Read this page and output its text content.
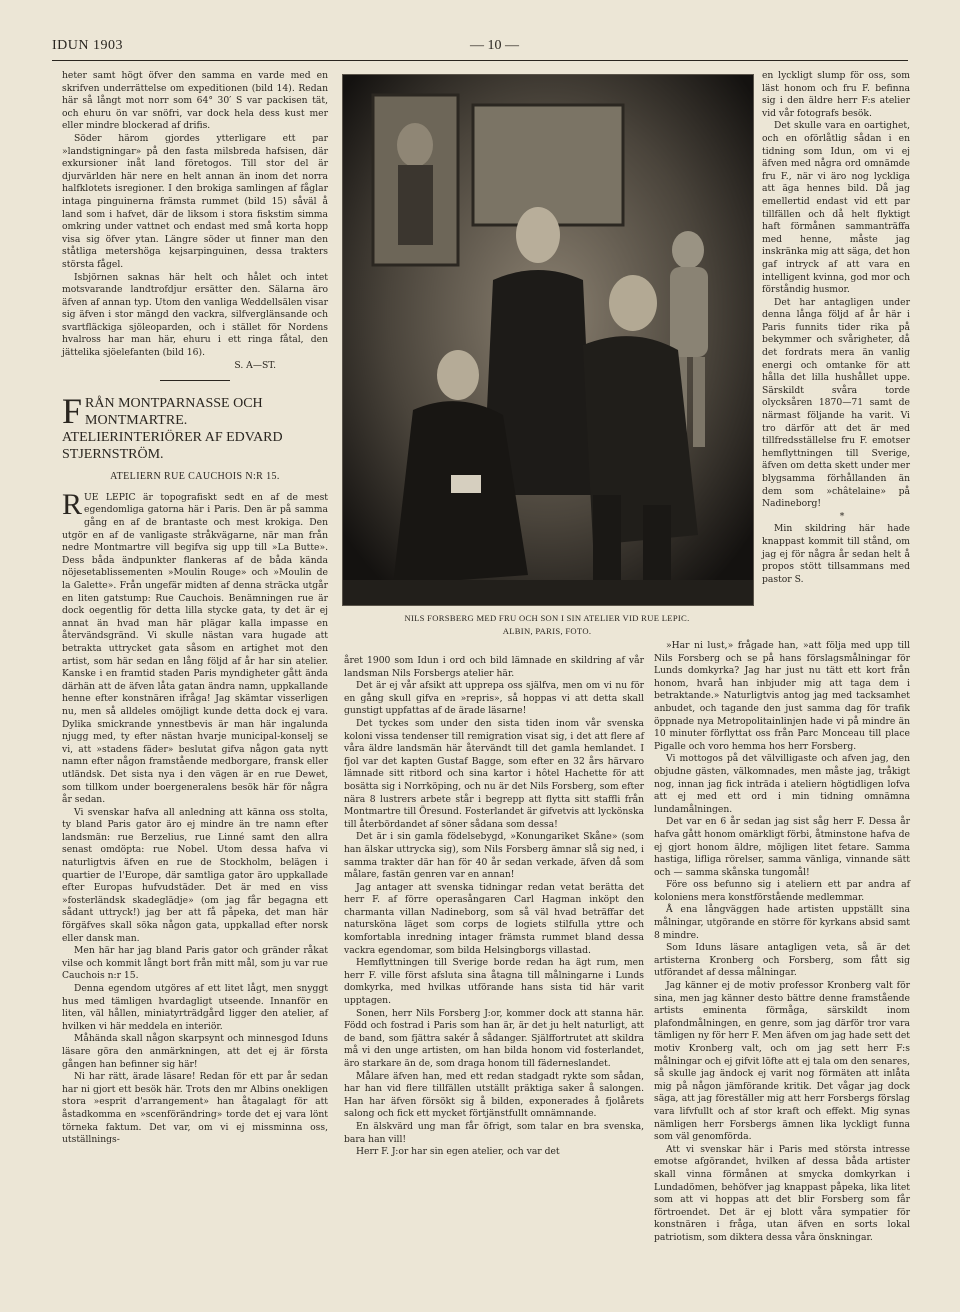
IDUN 1903	— 10 —

heter samt högt öfver den samma en varde med en skrifven underrättelse om expeditionen (bild 14). Redan här så långt mot norr som 64° 30′ S var packisen tät, och ehuru ön var snöfri, var dock hela dess kust mer eller mindre blockerad af drifis.

Söder härom gjordes ytterligare ett par »landstigningar» på den fasta milsbreda hafsisen, där exkursioner inåt land företogos. Till stor del är djurvärlden här nere en helt annan än inom det norra halfklotets isregioner. I den brokiga samlingen af fåglar intaga pinguinerna främsta rummet (bild 15) såväl å land som i hafvet, där de liksom i stora fiskstim simma omkring under vattnet och endast med små korta hopp visa sig öfver ytan. Längre söder ut finner man den ståtliga metershöga kejsarpinguinen, dessa trakters största fågel.

Isbjörnen saknas här helt och hålet och intet motsvarande landtrofdjur ersätter den. Sälarna äro äfven af annan typ. Utom den vanliga Weddellsälen visar sig äfven i stor mängd den vackra, silfverglänsande och svartfläckiga sjöleoparden, och i stället för Nordens hvalross har man här, ehuru i ett ringa fåtal, den jättelika sjöelefanten (bild 16).

S. A—ST.

FRÅN MONTPARNASSE OCH MONTMARTRE. ATELIERINTERIÖRER AF EDVARD STJERNSTRÖM.
ATELIERN RUE CAUCHOIS N:R 15.

RUE LEPIC är topografiskt sedt en af de mest egendomliga gatorna här i Paris. Den är på samma gång en af de brantaste och mest krokiga. Den utgör en af de vanligaste stråkvägarne, när man från nedre Montmartre vill begifva sig upp till »La Butte». Dess båda ändpunkter flankeras af de båda kända nöjesetablissementen »Moulin Rouge» och »Moulin de la Galette». Från ungefär midten af denna sträcka utgår en liten gatstump: Rue Cauchois. Benämningen rue är dock oegentlig för detta lilla stycke gata, ty det är ej annat än hvad man här plägar kalla impasse en återvändsgränd. Vi skulle nästan vara hugade att betrakta uttrycket gata såsom en artighet mot den artist, som här sedan en lång följd af år har sin atelier. Kanske i en framtid staden Paris myndigheter gått ända därhän att de äfven låta gatan ändra namn, uppkallande henne efter konstnären ifråga! Jag skämtar visserligen nu, men så alldeles omöjligt kunde detta dock ej vara. Dylika smickrande ynnestbevis är man här ingalunda njugg med, ty efter nästan hvarje municipal-konselj se vi, att »stadens fäder» beslutat gifva någon gata nytt namn efter någon framstående medborgare, fransk eller utländsk. Det sista nya i den vägen är en rue Dewet, som tillkom under boergeneralens besök här för några år sedan.

Vi svenskar hafva all anledning att känna oss stolta, ty bland Paris gator äro ej mindre än tre namn efter landsmän: rue Berzelius, rue Linné samt den allra senast omdöpta: rue Nobel. Utom dessa hafva vi naturligtvis äfven en rue de Stockholm, belägen i quartier de l'Europe, där samtliga gator äro uppkallade efter Europas hufvudstäder. Det är med en viss »fosterländsk skadeglädje» (om jag får begagna ett sådant uttryck!) jag ber att få påpeka, det man här förgäfves skall söka någon gata, uppkallad efter norsk eller dansk man.

Men här har jag bland Paris gator och gränder råkat vilse och kommit långt bort från mitt mål, som ju var rue Cauchois n:r 15.

Denna egendom utgöres af ett litet lågt, men snyggt hus med tämligen hvardagligt utseende. Innanför en liten, väl hållen, miniatyrträdgård ligger den atelier, af hvilken vi här meddela en interiör.

Måhända skall någon skarpsynt och minnesgod Iduns läsare göra den anmärkningen, att det ej är första gången han befinner sig här!

Ni har rätt, ärade läsare! Redan för ett par år sedan har ni gjort ett besök här. Trots den mr Albins onekligen stora »esprit d'arrangement» han åtagalagt för att åstadkomma en »scenförändring» torde det ej vara lönt törneka faktum. Det var, om vi ej missminna oss, utställnings-

NILS FORSBERG MED FRU OCH SON I SIN ATELIER VID RUE LEPIC.
ALBIN, PARIS, FOTO.

året 1900 som Idun i ord och bild lämnade en skildring af vår landsman Nils Forsbergs atelier här.

Det är ej vår afsikt att upprepa oss själfva, men om vi nu för en gång skull gifva en »repris», så hoppas vi att detta skall gunstigt uppfattas af de ärade läsarne!

Det tyckes som under den sista tiden inom vår svenska koloni vissa tendenser till remigration visat sig, i det att flere af våra äldre landsmän här återvändt till det gamla hemlandet. I fjol var det kapten Gustaf Bagge, som efter en 32 års härvaro lämnade sitt ritbord och sina kartor i hôtel Hachette för att bosätta sig i Norrköping, och nu är det Nils Forsberg, som efter nära 8 lustrers arbete står i begrepp att flytta sitt staffli från Montmartre till Öresund. Fosterlandet är gifvetvis att lyckönska till återbördandet af söner sådana som dessa!

Det är i sin gamla födelsebygd, »Konungariket Skåne» (som han älskar uttrycka sig), som Nils Forsberg ämnar slå sig ned, i samma trakter där han för 40 år sedan verkade, äfven då som målare, fastän genren var en annan!

Jag antager att svenska tidningar redan vetat berätta det herr F. af förre operasångaren Carl Hagman inköpt den charmanta villan Nadineborg, som så väl hvad beträffar det natursköna läget som corps de logiets stilfulla yttre och komfortabla inredning intager främsta rummet bland dessa vackra egendomar, som bilda Helsingborgs villastad.

Hemflyttningen till Sverige borde redan ha ägt rum, men herr F. ville först afsluta sina åtagna till målningarne i Lunds domkyrka, med hvilkas utförande hans sista tid här varit upptagen.

Sonen, herr Nils Forsberg J:or, kommer dock att stanna här. Född och fostrad i Paris som han är, är det ju helt naturligt, att de band, som fjättra sakér å sådanger. Själffortrutet att skildra må vi den unge artisten, om han bilda honom vid fosterlandet, äro starkare än de, som draga honom till fäderneslandet.

Målare äfven han, med ett redan stadgadt rykte som sådan, har han vid flere tillfällen utställt präktiga saker å salongen. Han har äfven försökt sig å bilden, exponerades å fjolårets salong och fick ett mycket förtjänstfullt omnämnande.

En älskvärd ung man får öfrigt, som talar en bra svenska, bara han vill!

Herr F. J:or har sin egen atelier, och var det

en lyckligt slump för oss, som läst honom och fru F. befinna sig i den äldre herr F:s atelier vid vår fotografs besök.

Det skulle vara en oartighet, och en oförlåtlig sådan i en tidning som Idun, om vi ej äfven med några ord omnämde fru F., när vi äro nog lyckliga att äga hennes bild. Då jag emellertid endast vid ett par tillfällen och då helt flyktigt haft förmånen sammanträffa med henne, måste jag inskränka mig att säga, det hon gaf intryck af att vara en intelligent kvinna, god mor och förståndig husmor.

Det har antagligen under denna långa följd af år här i Paris funnits tider rika på bekymmer och svårigheter, då det fordrats mera än vanlig energi och omtanke för att hålla det lilla hushållet uppe. Särskildt svåra torde olycksåren 1870—71 samt de närmast följande ha varit. Vi tro därför att det är med tillfredsställelse fru F. emotser hemflyttningen till Sverige, äfven om detta skett under mer blygsamma förhållanden än dem som »châtelaine» på Nadineborg!

*

Min skildring här hade knappast kommit till stånd, om jag ej för några år sedan helt å propos stött tillsammans med pastor S.

»Har ni lust,» frågade han, »att följa med upp till Nils Forsberg och se på hans förslagsmålningar för Lunds domkyrka? Jag har just nu tätt ett kort från honom, hvarå han inbjuder mig att taga dem i betraktande.» Naturligtvis antog jag med tacksamhet anbudet, och tagande den just samma dag för trafik öppnade nya Metropolitainlinjen hade vi på mindre än 10 minuter förflyttat oss från Parc Monceau till place Pigalle och voro hemma hos herr Forsberg.

Vi mottogos på det välvilligaste och afven jag, den objudne gästen, välkomnades, men måste jag, tråkigt nog, innan jag fick inträda i ateliern högtidligen lofva att ej med ett ord i min tidning omnämna lundamålningen.

Det var en 6 år sedan jag sist såg herr F. Dessa år hafva gått honom omärkligt förbi, åtminstone hafva de ej gjort honom äldre, möjligen litet fetare. Samma hastiga, lifliga rörelser, samma vänliga, vinnande sätt och — samma skånska tungomål!

Före oss befunno sig i ateliern ett par andra af koloniens mera konstförstående medlemmar.

Å ena långväggen hade artisten uppställt sina målningar, utgörande en större för kyrkans absid samt 8 mindre.

Som Iduns läsare antagligen veta, så är det artisterna Kronberg och Forsberg, som fått sig utförandet af dessa målningar.

Jag känner ej de motiv professor Kronberg valt för sina, men jag känner desto bättre denne framstående artists eminenta förmåga, särskildt inom plafondmålningen, en genre, som jag därför tror vara tämligen ny för herr F. Men äfven om jag hade sett det motiv Kronberg valt, och om jag sett herr F:s målningar och ej gifvit löfte att ej tala om den senares, så skulle jag ändock ej varit nog förmäten att inlåta mig på någon jämförande kritik. Det vågar jag dock säga, att jag föreställer mig att herr Forsbergs förslag vara lifvfullt och af stor kraft och effekt. Mig synas nämligen herr Forsbergs ämnen lika lyckligt funna som väl genomförda.

Att vi svenskar här i Paris med största intresse emotse afgörandet, hvilken af dessa båda artister skall vinna förmånen at smycka domkyrkan i Lundadömen, behöfver jag knappast påpeka, lika litet som att vi hoppas att det blir Forsberg som får förtroendet. Det är ej blott våra sympatier för konstnären i fråga, utan äfven en sorts lokal patriotism, som diktera dessa våra önskningar.
